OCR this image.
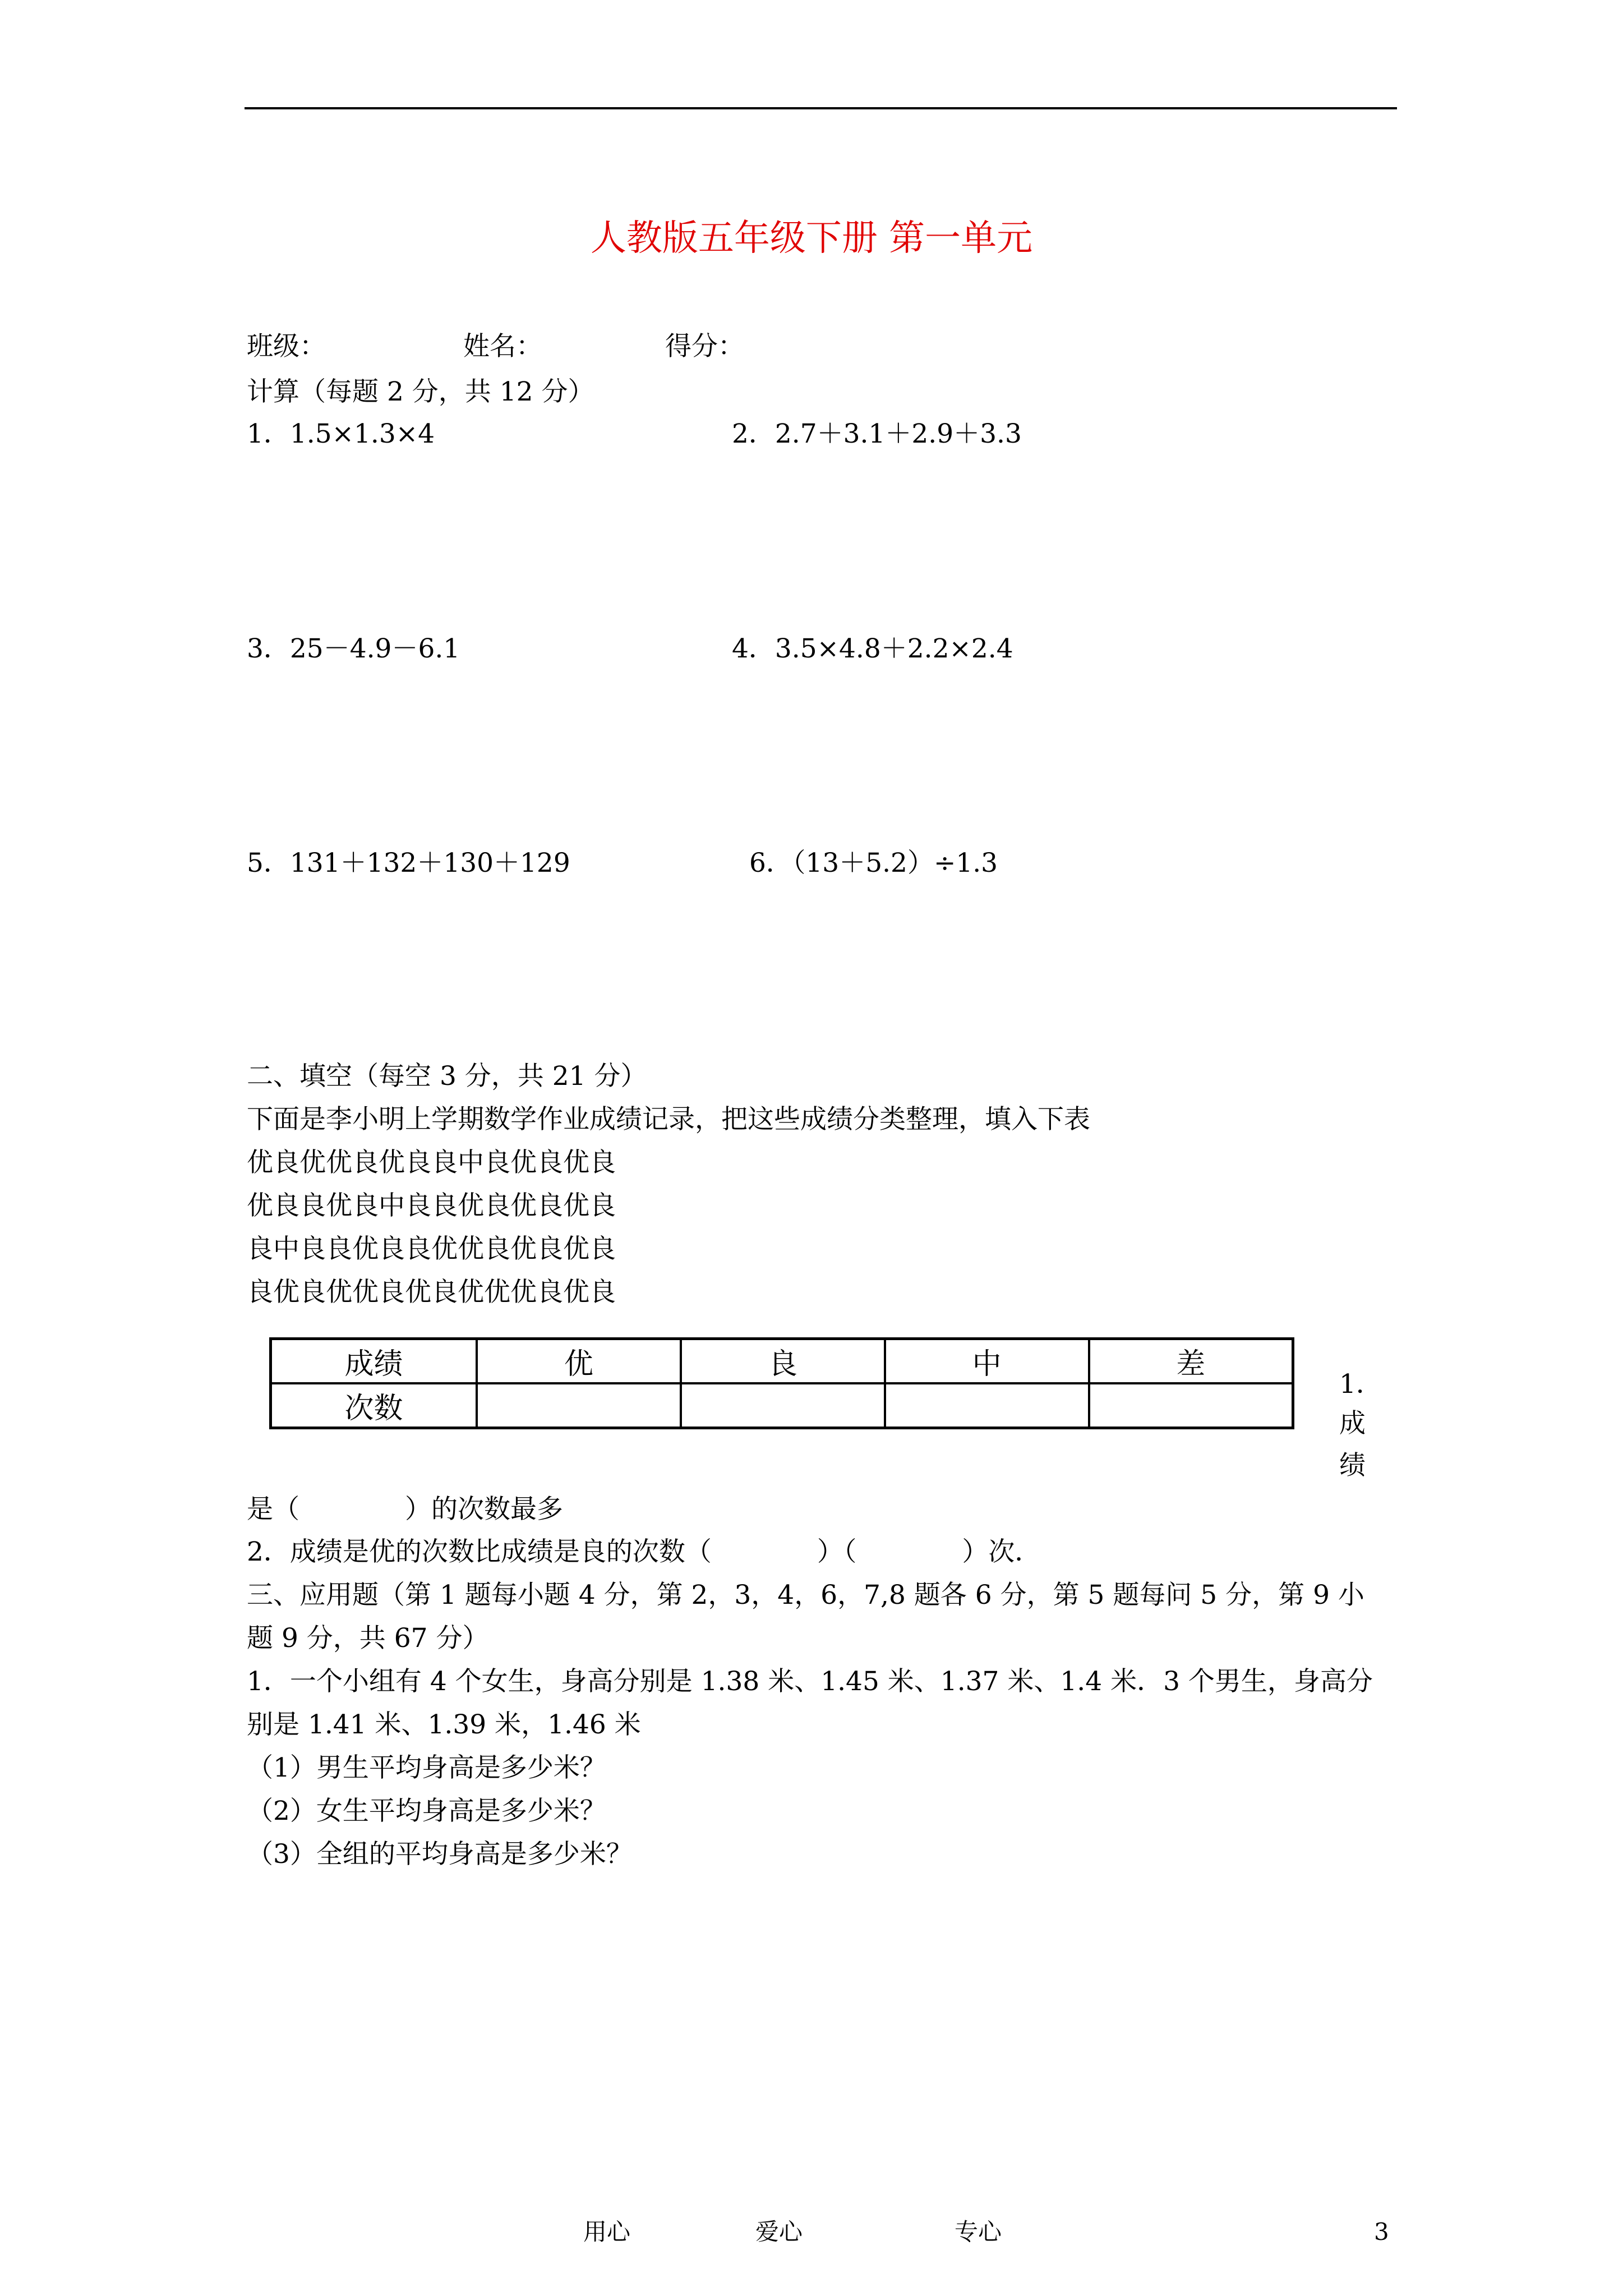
人教版五年级下册 第一单元
班级：	姓名：	得分：
计算（每题 2 分，共 12 分）
1．1.5×1.3×4	2．2.7＋3.1＋2.9＋3.3
3．25－4.9－6.1	4．3.5×4.8＋2.2×2.4
5．131＋132＋130＋129	6．（13＋5.2）÷1.3
二、填空（每空 3 分，共 21 分）
下面是李小明上学期数学作业成绩记录，把这些成绩分类整理，填入下表
优良优优良优良良中良优良优良
优良良优良中良良优良优良优良
良中良良优良良优优良优良优良
良优良优优良优良优优优良优良
成绩	优	良	中	差
次数				
1．
成
绩
是（　　　　）的次数最多
2．成绩是优的次数比成绩是良的次数（　　　　）（　　　　）次．
三、应用题（第 1 题每小题 4 分，第 2，3，4，6，7,8 题各 6 分，第 5 题每问 5 分，第 9 小
题 9 分，共 67 分）
1．一个小组有 4 个女生，身高分别是 1.38 米、1.45 米、1.37 米、1.4 米．3 个男生，身高分
别是 1.41 米、1.39 米，1.46 米
（1）男生平均身高是多少米？
（2）女生平均身高是多少米？
（3）全组的平均身高是多少米？
用心	爱心	专心	3
